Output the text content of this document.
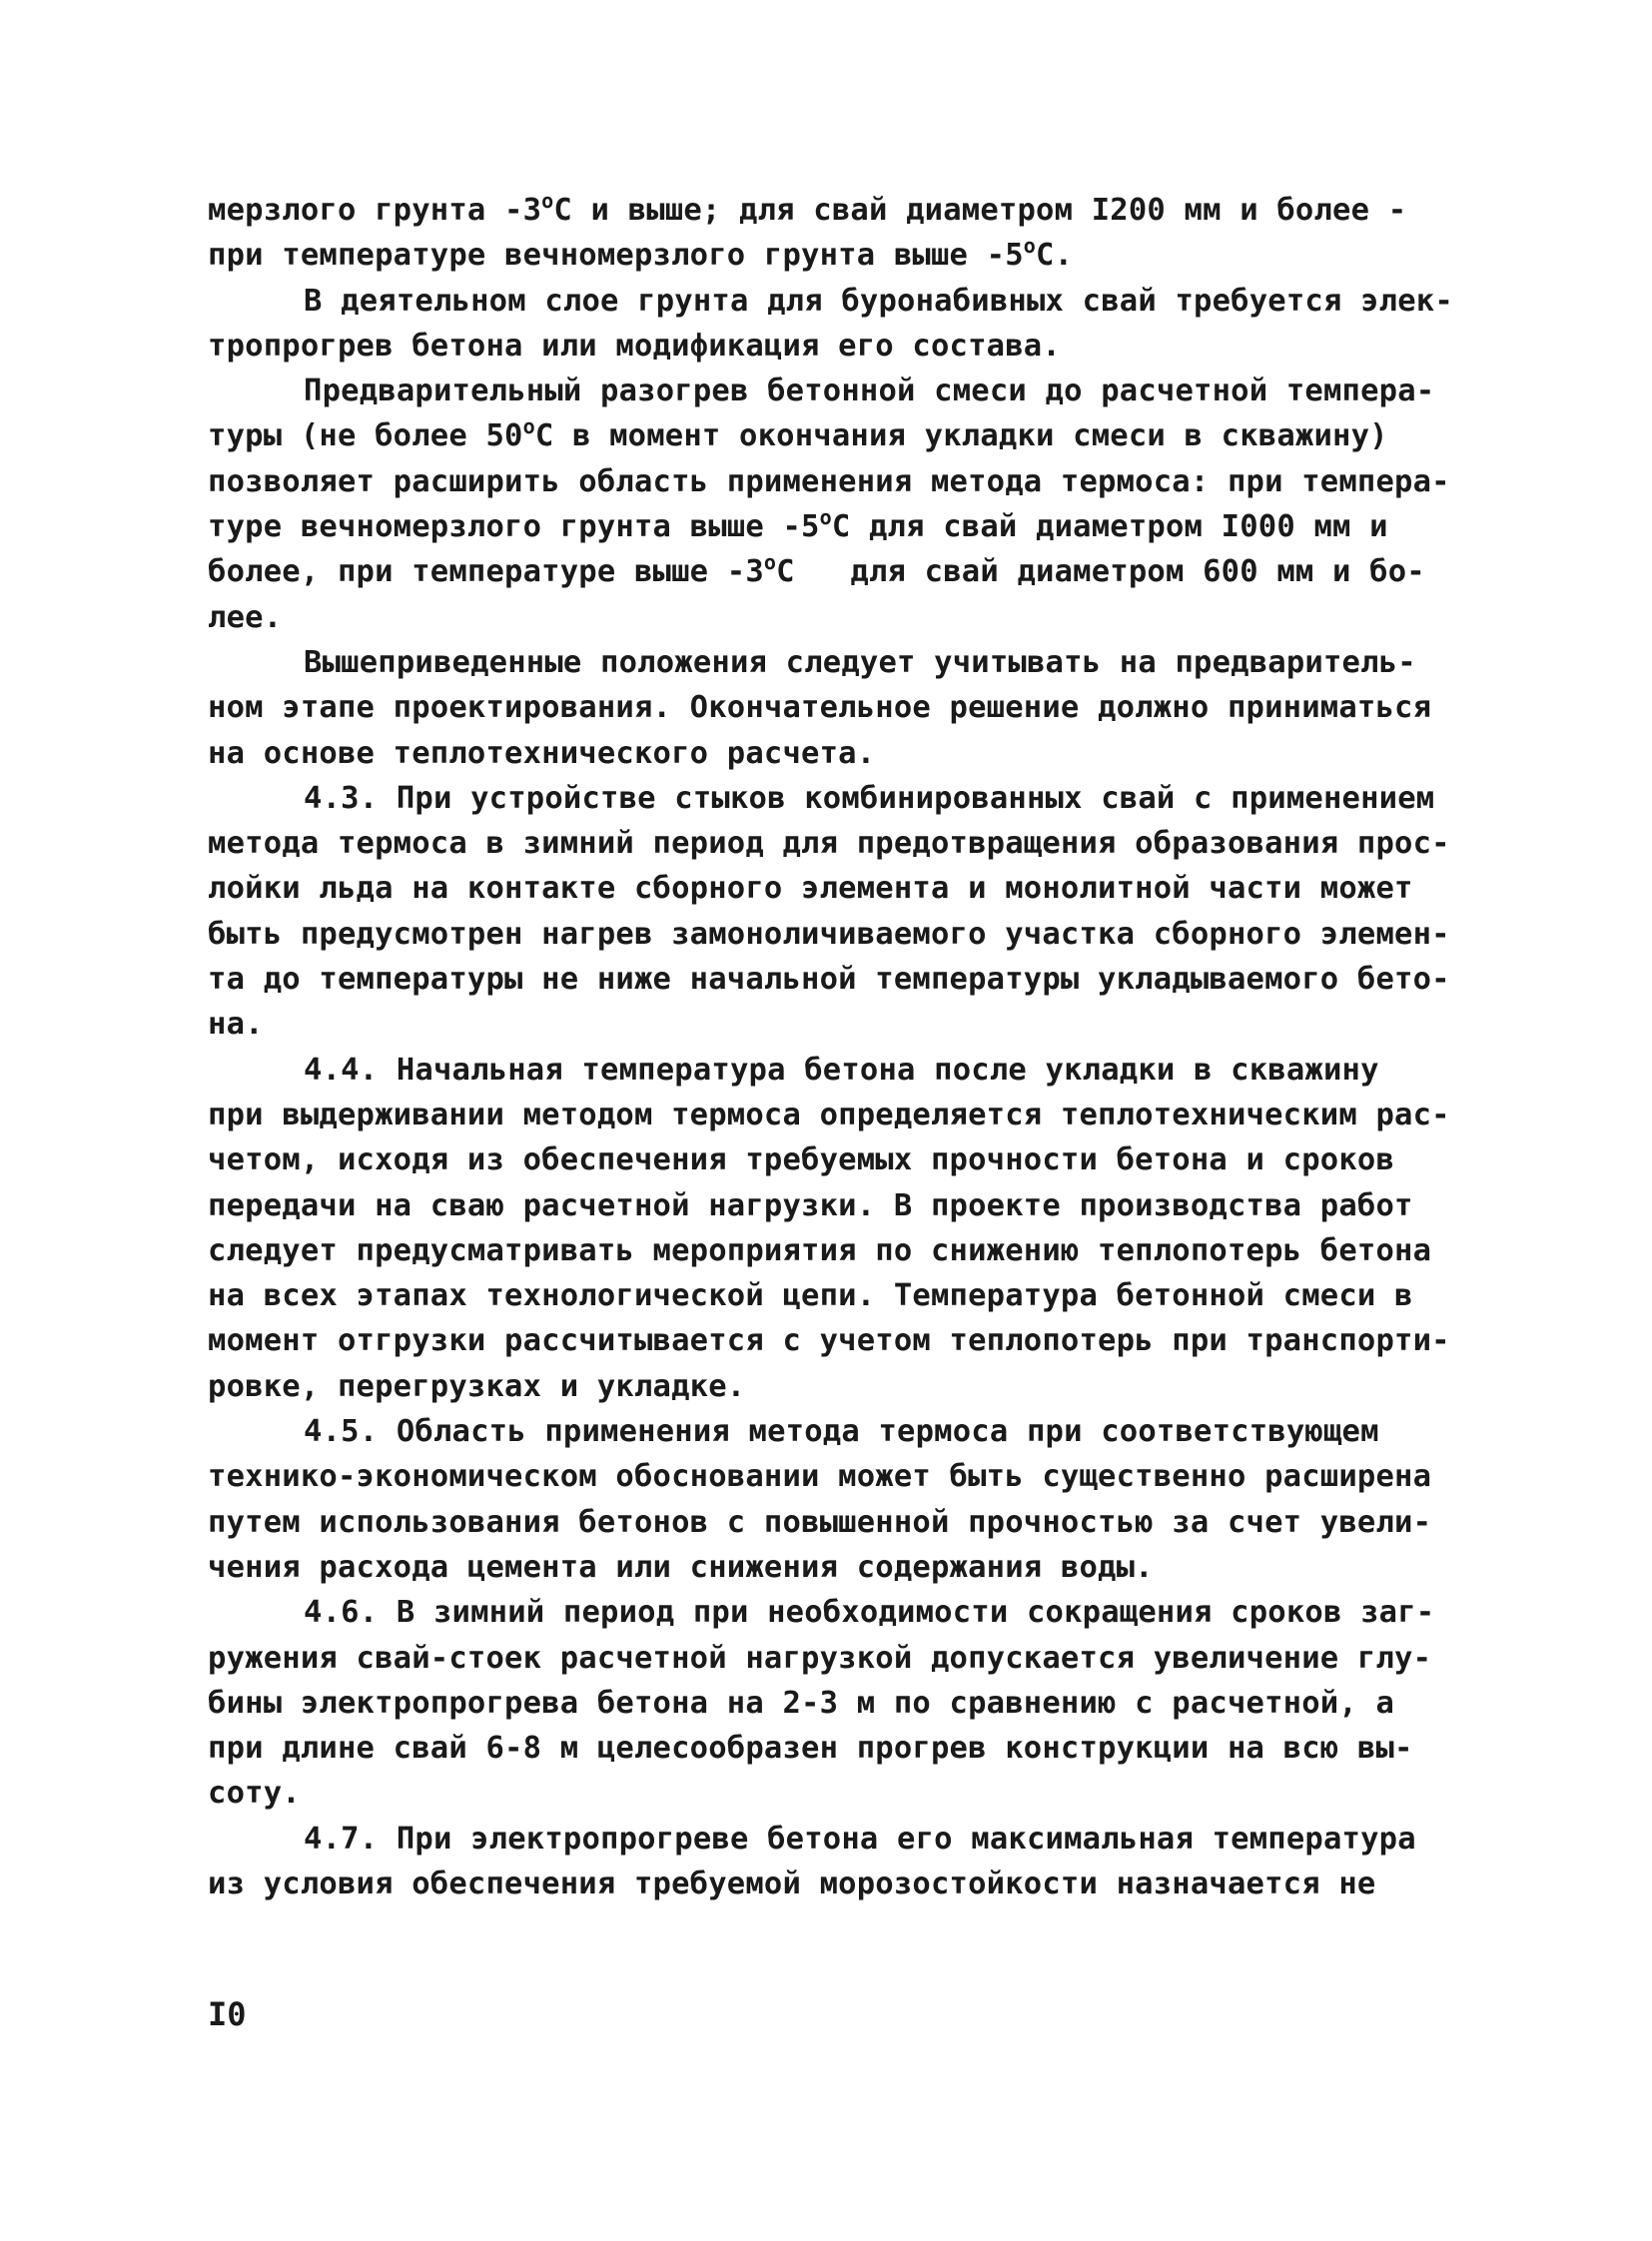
мерзлого грунта $-3^оС$ и выше; для свай диаметром I200 мм и более -
при температуре вечномерзлого грунта выше $-5^оС$.
В деятельном слое грунта для буронабивных свай требуется элек-
тропрогрев бетона или модификация его состава.
Предварительный разогрев бетонной смеси до расчетной темпера-
туры (не более $50^оС$ в момент окончания укладки смеси в скважину)
позволяет расширить область применения метода термоса: при темпера-
туре вечномерзлого грунта выше $-5^оС$ для свай диаметром I000 мм и
более, при температуре выше $-3^оС$   для свай диаметром 600 мм и бо-
лее.
Вышеприведенные положения следует учитывать на предваритель-
ном этапе проектирования. Окончательное решение должно приниматься
на основе теплотехнического расчета.
4.3. При устройстве стыков комбинированных свай с применением
метода термоса в зимний период для предотвращения образования прос-
лойки льда на контакте сборного элемента и монолитной части может
быть предусмотрен нагрев замоноличиваемого участка сборного элемен-
та до температуры не ниже начальной температуры укладываемого бето-
на.
4.4. Начальная температура бетона после укладки в скважину
при выдерживании методом термоса определяется теплотехническим рас-
четом, исходя из обеспечения требуемых прочности бетона и сроков
передачи на сваю расчетной нагрузки. В проекте производства работ
следует предусматривать мероприятия по снижению теплопотерь бетона
на всех этапах технологической цепи. Температура бетонной смеси в
момент отгрузки рассчитывается с учетом теплопотерь при транспорти-
ровке, перегрузках и укладке.
4.5. Область применения метода термоса при соответствующем
технико-экономическом обосновании может быть существенно расширена
путем использования бетонов с повышенной прочностью за счет увели-
чения расхода цемента или снижения содержания воды.
4.6. В зимний период при необходимости сокращения сроков заг-
ружения свай-стоек расчетной нагрузкой допускается увеличение глу-
бины электропрогрева бетона на 2-3 м по сравнению с расчетной, а
при длине свай 6-8 м целесообразен прогрев конструкции на всю вы-
соту.
4.7. При электропрогреве бетона его максимальная температура
из условия обеспечения требуемой морозостойкости назначается не
I0
